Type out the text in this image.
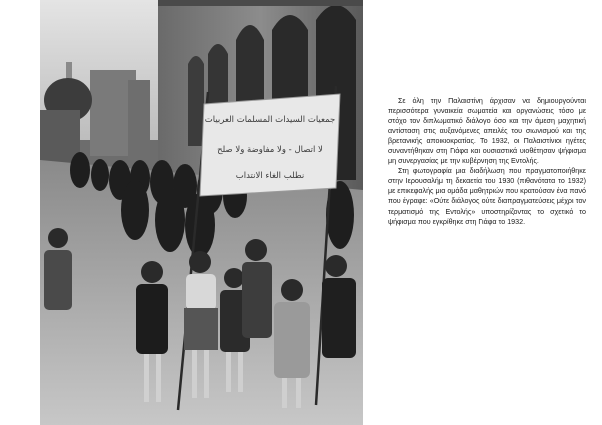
جمعيات السيدات المسلمات العربيات
لا اتصال - ولا مفاوضة ولا صلح
نطلب الغاء الانتداب

Σε όλη την Παλαιστίνη άρχισαν να δημιουργούνται περισσότερα γυναικεία σωματεία και οργανώσεις τόσο με στόχο τον διπλωματικό διάλογο όσο και την άμεση μαχητική αντίσταση στις αυξανόμενες απειλές του σιωνισμού και της βρετανικής αποικιοκρατίας. Το 1932, οι Παλαιστίνιοι ηγέτες συναντήθηκαν στη Γιάφα και ουσιαστικά υιοθέτησαν ψήφισμα μη συνεργασίας με την κυβέρνηση της Εντολής.

Στη φωτογραφία μια διαδήλωση που πραγματοποιήθηκε στην Ιερουσαλήμ τη δεκαετία του 1930 (πιθανότατα το 1932) με επικεφαλής μια ομάδα μαθητριών που κρατούσαν ένα πανό που έγραφε: «Ούτε διάλογος ούτε διαπραγματεύσεις μέχρι τον τερματισμό της Εντολής» υποστηρίζοντας το σχετικό το ψήφισμα που εγκρίθηκε στη Γιάφα το 1932.
